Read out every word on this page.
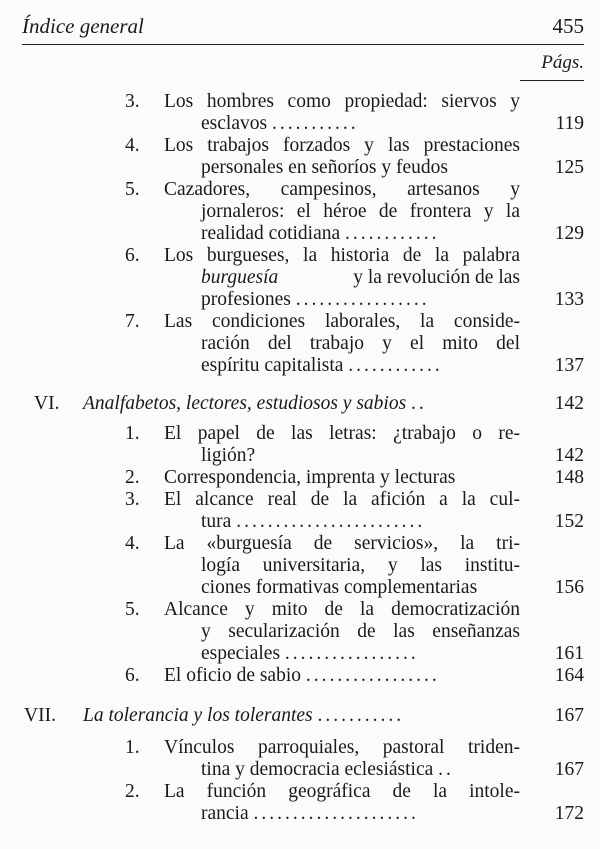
Índice general	455
Págs.
3. Los hombres como propiedad: siervos y
esclavos ...........	119
4. Los trabajos forzados y las prestaciones
personales en señoríos y feudos	125
5. Cazadores, campesinos, artesanos y
jornaleros: el héroe de frontera y la
realidad cotidiana ............	129
6. Los burgueses, la historia de la palabra
burguesía	y la revolución de las
profesiones .................	133
7. Las condiciones laborales, la conside-
ración del trabajo y el mito del
espíritu capitalista ............	137
VI. Analfabetos, lectores, estudiosos y sabios ..	142
1. El papel de las letras: ¿trabajo o re-
ligión?	142
2. Correspondencia, imprenta y lecturas	148
3. El alcance real de la afición a la cul-
tura ........................	152
4. La «burguesía de servicios», la tri-
logía universitaria, y las institu-
ciones formativas complementarias	156
5. Alcance y mito de la democratización
y secularización de las enseñanzas
especiales .................	161
6. El oficio de sabio .................	164
VII. La tolerancia y los tolerantes ...........	167
1. Vínculos parroquiales, pastoral triden-
tina y democracia eclesiástica ..	167
2. La función geográfica de la intole-
rancia .....................	172
